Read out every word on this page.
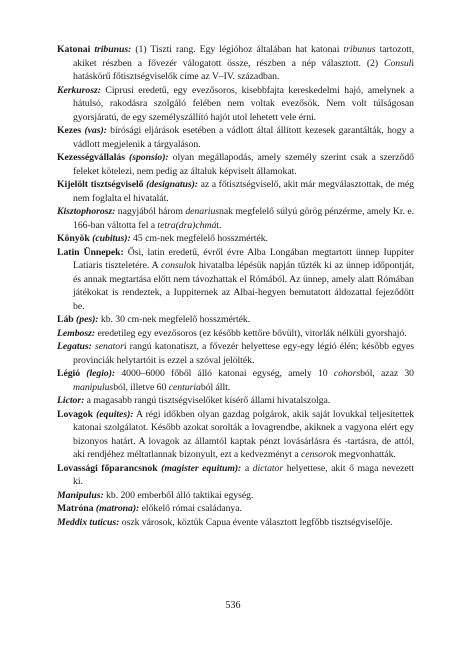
Katonai tribunus: (1) Tiszti rang. Egy légióhoz általában hat katonai tribunus tartozott, akiket részben a fővezér válogatott össze, részben a nép választott. (2) Consuli hatáskörű főtisztségviselők címe az V–IV. században.

Kerkurosz: Ciprusi eredetű, egy evezősoros, kisebbfajta kereskedelmi hajó, amelynek a hátulsó, rakodásra szolgáló felében nem voltak evezősök. Nem volt túlságosan gyorsjáratú, de egy személyszállító hajót utol lehetett vele érni.

Kezes (vas): bírósági eljárások esetében a vádlott által állított kezesek garantálták, hogy a vádlott megjelenik a tárgyaláson.

Kezességvállalás (sponsio): olyan megállapodás, amely személy szerint csak a szerződő feleket kötelezi, nem pedig az általuk képviselt államokat.

Kijelölt tisztségviselő (designatus): az a főtisztségviselő, akit már megválasztottak, de még nem foglalta el hivatalát.

Kisztophorosz: nagyjából három denariusnak megfelelő súlyú görög pénzérme, amely Kr. e. 166-ban váltotta fel a tetra(dra)chmát.

Könyök (cubitus): 45 cm-nek megfelelő hosszmérték.

Latin Ünnepek: Ősi, latin eredetű, évről évre Alba Longában megtartott ünnep Iuppiter Latiaris tiszteletére. A consulok hivatalba lépésük napján tűzték ki az ünnep időpontját, és annak megtartása előtt nem távozhattak el Rómából. Az ünnep, amely alatt Rómában játékokat is rendeztek, a Iuppiternek az Albai-hegyen bemutatott áldozattal fejeződött be.

Láb (pes): kb. 30 cm-nek megfelelő hosszmérték.

Lembosz: eredetileg egy evezősoros (ez később kettőre bővült), vitorlák nélküli gyorshajó.

Legatus: senatori rangú katonatiszt, a fővezér helyettese egy-egy légió élén; később egyes provinciák helytartóit is ezzel a szóval jelölték.

Légió (legio): 4000–6000 főből álló katonai egység, amely 10 cohorsból, azaz 30 manipulusból, illetve 60 centuriaból állt.

Lictor: a magasabb rangú tisztségviselőket kísérő állami hivatalszolga.

Lovagok (equites): A régi időkben olyan gazdag polgárok, akik saját lovukkal teljesítettek katonai szolgálatot. Később azokat sorolták a lovagrendbe, akiknek a vagyona elért egy bizonyos határt. A lovagok az államtól kaptak pénzt lovásárlásra és -tartásra, de attól, aki rendjéhez méltatlannak bizonyult, ezt a kedvezményt a censorok megvonhatták.

Lovassági főparancsnok (magister equitum): a dictator helyettese, akit ő maga nevezett ki.

Manipulus: kb. 200 emberből álló taktikai egység.

Matróna (matrona): előkelő római családanya.

Meddix tuticus: oszk városok, köztük Capua évente választott legfőbb tisztségviselője.

536
